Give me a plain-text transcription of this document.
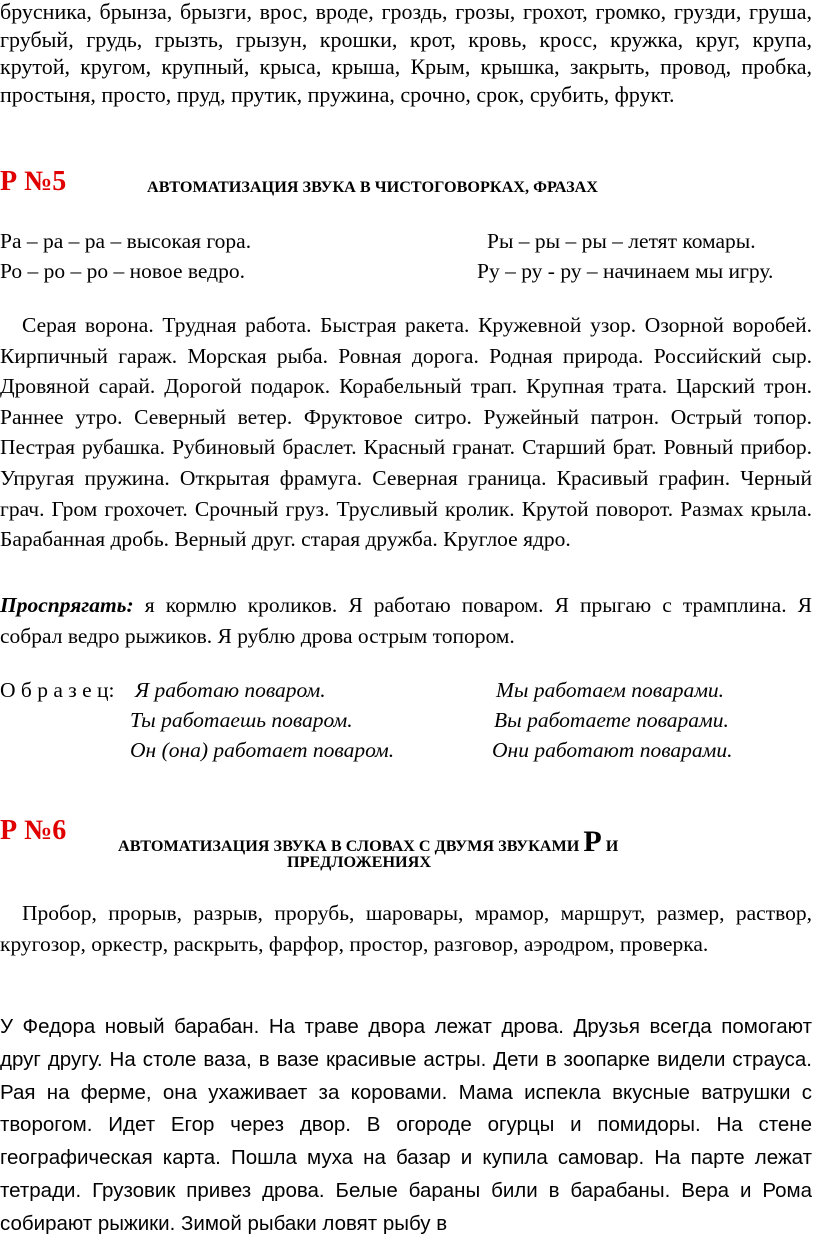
брусника, брынза, брызги, врос, вроде, гроздь, грозы, грохот, громко, грузди, груша, грубый, грудь, грызть, грызун, крошки, крот, кровь, кросс, кружка, круг, крупа, крутой, кругом, крупный, крыса, крыша, Крым, крышка, закрыть, провод, пробка, простыня, просто, пруд, прутик, пружина, срочно, срок, срубить, фрукт.
Р №5	АВТОМАТИЗАЦИЯ ЗВУКА В ЧИСТОГОВОРКАХ, ФРАЗАХ
Ра – ра – ра – высокая гора.	Ры – ры – ры – летят комары.
Ро – ро – ро – новое ведро.	Ру – ру - ру – начинаем мы игру.
Серая ворона. Трудная работа. Быстрая ракета. Кружевной узор. Озорной воробей. Кирпичный гараж. Морская рыба. Ровная дорога. Родная природа. Российский сыр. Дровяной сарай. Дорогой подарок. Корабельный трап. Крупная трата. Царский трон. Раннее утро. Северный ветер. Фруктовое ситро. Ружейный патрон. Острый топор. Пестрая рубашка. Рубиновый браслет. Красный гранат. Старший брат. Ровный прибор. Упругая пружина. Открытая фрамуга. Северная граница. Красивый графин. Черный грач. Гром грохочет. Срочный груз. Трусливый кролик. Крутой поворот. Размах крыла. Барабанная дробь. Верный друг. старая дружба. Круглое ядро.
Проспрягать: я кормлю кроликов. Я работаю поваром. Я прыгаю с трамплина. Я собрал ведро рыжиков. Я рублю дрова острым топором.
О б р а з е ц: Я работаю поваром.	Мы работаем поварами.
Ты работаешь поваром.	Вы работаете поварами.
Он (она) работает поваром.	Они работают поварами.
Р №6	АВТОМАТИЗАЦИЯ ЗВУКА В СЛОВАХ С ДВУМЯ ЗВУКАМИ Р И
ПРЕДЛОЖЕНИЯХ
Пробор, прорыв, разрыв, прорубь, шаровары, мрамор, маршрут, размер, раствор, кругозор, оркестр, раскрыть, фарфор, простор, разговор, аэродром, проверка.
У Федора новый барабан. На траве двора лежат дрова. Друзья всегда помогают друг другу. На столе ваза, в вазе красивые астры. Дети в зоопарке видели страуса. Рая на ферме, она ухаживает за коровами. Мама испекла вкусные ватрушки с творогом. Идет Егор через двор. В огороде огурцы и помидоры. На стене географическая карта. Пошла муха на базар и купила самовар. На парте лежат тетради. Грузовик привез дрова. Белые бараны били в барабаны. Вера и Рома собирают рыжики. Зимой рыбаки ловят рыбу в
